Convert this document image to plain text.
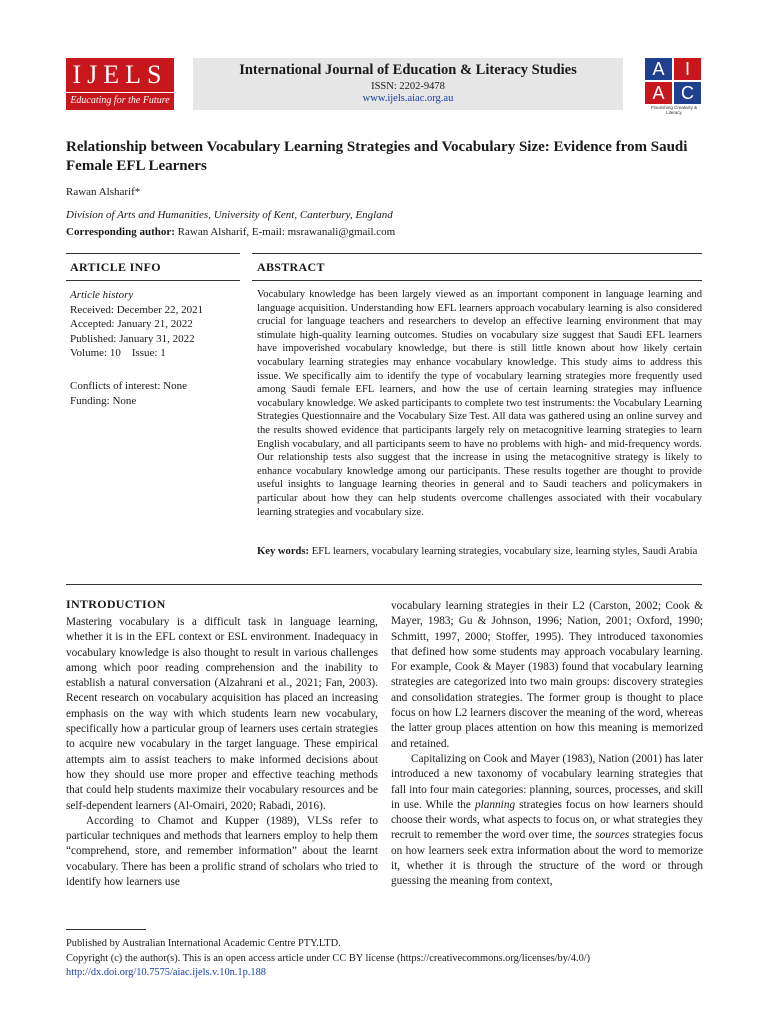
IJELS
Educating for the Future
International Journal of Education & Literacy Studies
ISSN: 2202-9478
www.ijels.aiac.org.au
A	I
A C
Flourishing Creativity & Literacy
Relationship between Vocabulary Learning Strategies and Vocabulary Size: Evidence from Saudi Female EFL Learners
Rawan Alsharif*
Division of Arts and Humanities, University of Kent, Canterbury, England
Corresponding author: Rawan Alsharif, E-mail: msrawanali@gmail.com
ARTICLE INFO	ABSTRACT
Article history
Received: December 22, 2021
Accepted: January 21, 2022
Published: January 31, 2022
Volume: 10    Issue: 1
Conflicts of interest: None
Funding: None
Vocabulary knowledge has been largely viewed as an important component in language learning and language acquisition. Understanding how EFL learners approach vocabulary learning is also considered crucial for language teachers and researchers to develop an effective learning environment that may stimulate high-quality learning outcomes. Studies on vocabulary size suggest that Saudi EFL learners have impoverished vocabulary knowledge, but there is still little known about how likely certain vocabulary learning strategies may enhance vocabulary knowledge. This study aims to address this issue. We specifically aim to identify the type of vocabulary learning strategies more frequently used among Saudi female EFL learners, and how the use of certain learning strategies may influence vocabulary knowledge. We asked participants to complete two test instruments: the Vocabulary Learning Strategies Questionnaire and the Vocabulary Size Test. All data was gathered using an online survey and the results showed evidence that participants largely rely on metacognitive learning strategies to learn English vocabulary, and all participants seem to have no problems with high- and mid-frequency words. Our relationship tests also suggest that the increase in using the metacognitive strategy is likely to enhance vocabulary knowledge among our participants. These results together are thought to provide useful insights to language learning theories in general and to Saudi teachers and policymakers in particular about how they can help students overcome challenges associated with their vocabulary learning strategies and vocabulary size.
Key words: EFL learners, vocabulary learning strategies, vocabulary size, learning styles, Saudi Arabia
INTRODUCTION

Mastering vocabulary is a difficult task in language learning, whether it is in the EFL context or ESL environment. Inadequacy in vocabulary knowledge is also thought to result in various challenges among which poor reading comprehension and the inability to establish a natural conversation (Alzahrani et al., 2021; Fan, 2003). Recent research on vocabulary acquisition has placed an increasing emphasis on the way with which students learn new vocabulary, specifically how a particular group of learners uses certain strategies to acquire new vocabulary in the target language. These empirical attempts aim to assist teachers to make informed decisions about how they should use more proper and effective teaching methods that could help students maximize their vocabulary resources and be self-dependent learners (Al-Omairi, 2020; Rabadi, 2016).

According to Chamot and Kupper (1989), VLSs refer to particular techniques and methods that learners employ to help them “comprehend, store, and remember information” about the learnt vocabulary. There has been a prolific strand of scholars who tried to identify how learners use

vocabulary learning strategies in their L2 (Carston, 2002; Cook & Mayer, 1983; Gu & Johnson, 1996; Nation, 2001; Oxford, 1990; Schmitt, 1997, 2000; Stoffer, 1995). They introduced taxonomies that defined how some students may approach vocabulary learning. For example, Cook & Mayer (1983) found that vocabulary learning strategies are categorized into two main groups: discovery strategies and consolidation strategies. The former group is thought to place focus on how L2 learners discover the meaning of the word, whereas the latter group places attention on how this meaning is memorized and retained.

Capitalizing on Cook and Mayer (1983), Nation (2001) has later introduced a new taxonomy of vocabulary learning strategies that fall into four main categories: planning, sources, processes, and skill in use. While the planning strategies focus on how learners should choose their words, what aspects to focus on, or what strategies they recruit to remember the word over time, the sources strategies focus on how learners seek extra information about the word to memorize it, whether it is through the structure of the word or through guessing the meaning from context,

Published by Australian International Academic Centre PTY.LTD.
Copyright (c) the author(s). This is an open access article under CC BY license (https://creativecommons.org/licenses/by/4.0/)
http://dx.doi.org/10.7575/aiac.ijels.v.10n.1p.188
